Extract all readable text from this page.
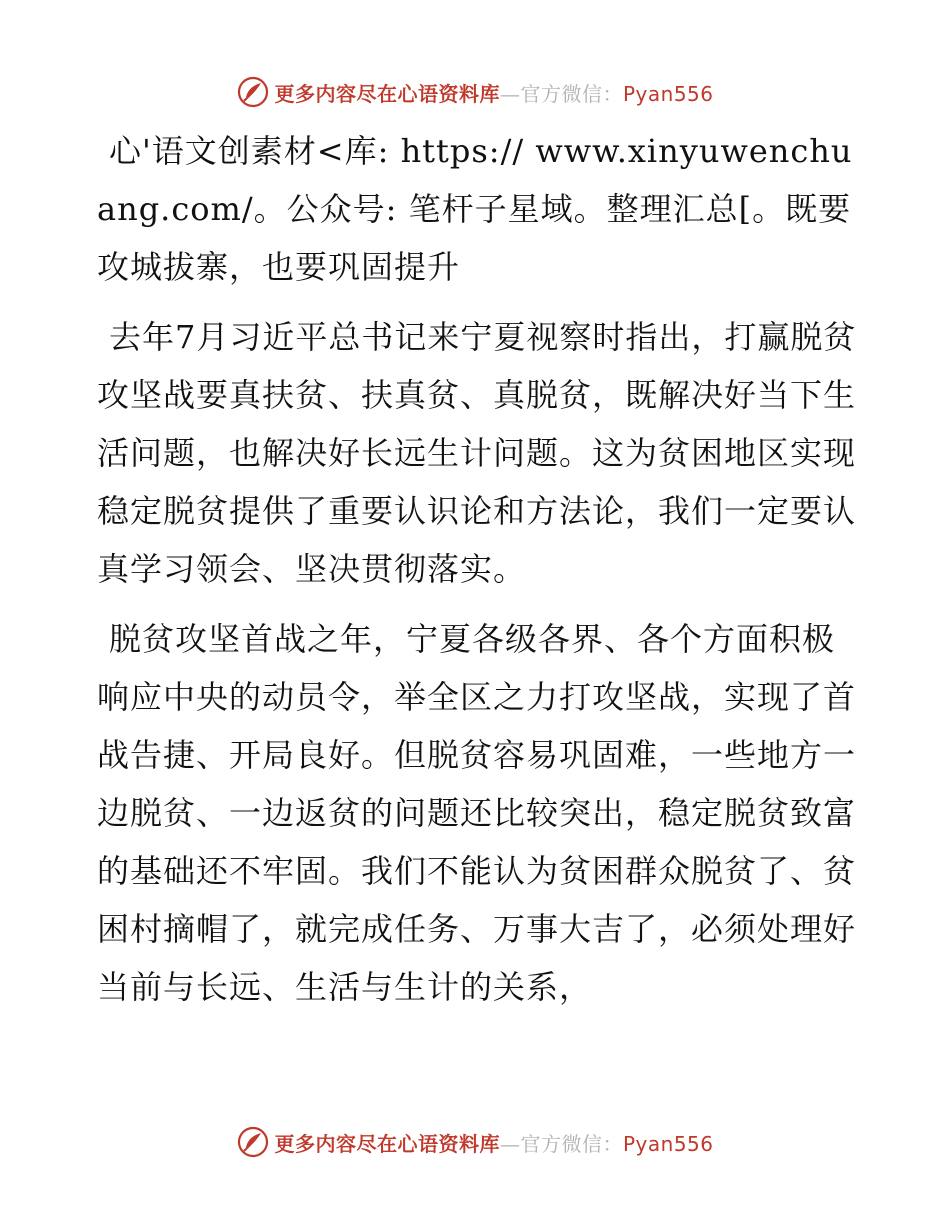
更多内容尽在心语资料库—官方微信：Pyan556

心'语文创素材<库: https:// www.xinyuwenchuang.com/。公众号: 笔杆子星域。整理汇总[。既要攻城拔寨，也要巩固提升

去年7月习近平总书记来宁夏视察时指出，打赢脱贫攻坚战要真扶贫、扶真贫、真脱贫，既解决好当下生活问题，也解决好长远生计问题。这为贫困地区实现稳定脱贫提供了重要认识论和方法论，我们一定要认真学习领会、坚决贯彻落实。

脱贫攻坚首战之年，宁夏各级各界、各个方面积极响应中央的动员令，举全区之力打攻坚战，实现了首战告捷、开局良好。但脱贫容易巩固难，一些地方一边脱贫、一边返贫的问题还比较突出，稳定脱贫致富的基础还不牢固。我们不能认为贫困群众脱贫了、贫困村摘帽了，就完成任务、万事大吉了，必须处理好当前与长远、生活与生计的关系，

更多内容尽在心语资料库—官方微信：Pyan556
